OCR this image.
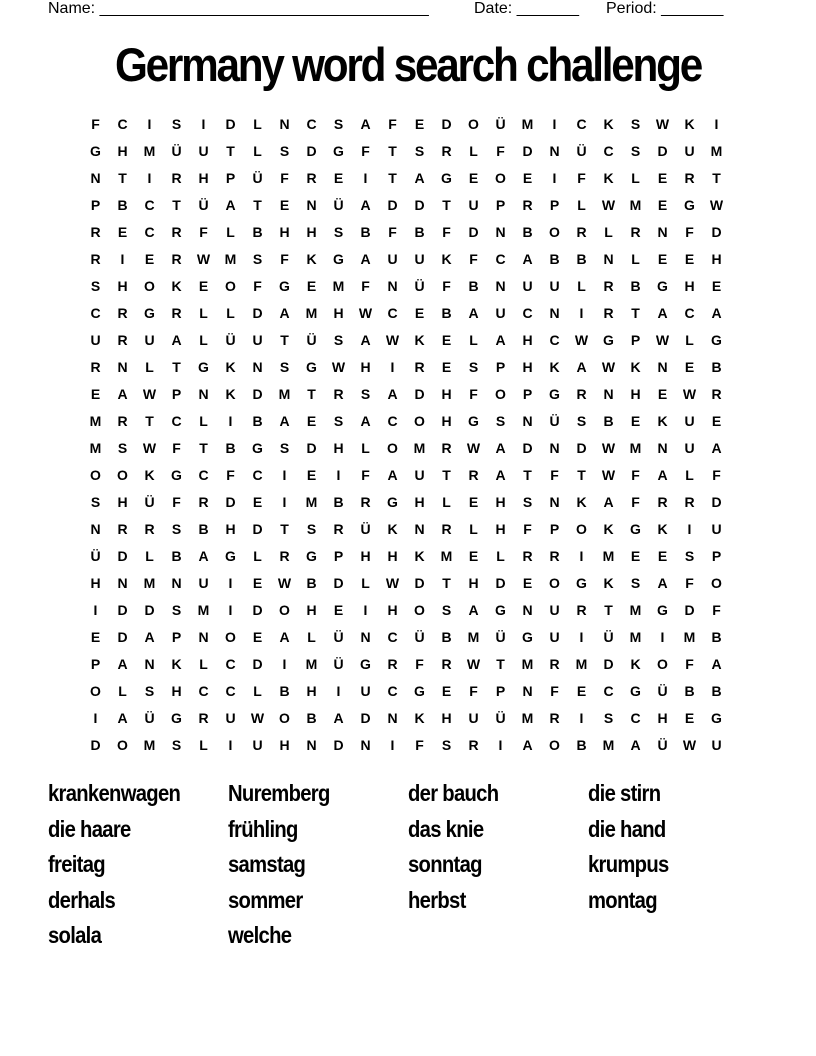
Name: _____________________________________	Date: _______ Period: _______
Germany word search challenge
F	C	I	S	I	D	L	N	C	S	A	F	E	D	O	Ü	M	I	C	K	S	W	K	I
G	H	M	Ü	U	T	L	S	D	G	F	T	S	R	L	F	D	N	Ü	C	S	D	U	M
N	T	I	R	H	P	Ü	F	R	E	I	T	A	G	E	O	E	I	F	K	L	E	R	T
P	B	C	T	Ü	A	T	E	N	Ü	A	D	D	T	U	P	R	P	L	W	M	E	G	W
R	E	C	R	F	L	B	H	H	S	B	F	B	F	D	N	B	O	R	L	R	N	F	D
R	I	E	R	W	M	S	F	K	G	A	U	U	K	F	C	A	B	B	N	L	E	E	H
S	H	O	K	E	O	F	G	E	M	F	N	Ü	F	B	N	U	U	L	R	B	G	H	E
C	R	G	R	L	L	D	A	M	H	W	C	E	B	A	U	C	N	I	R	T	A	C	A
U	R	U	A	L	Ü	U	T	Ü	S	A	W	K	E	L	A	H	C	W	G	P	W	L	G
R	N	L	T	G	K	N	S	G	W	H	I	R	E	S	P	H	K	A	W	K	N	E	B
E	A	W	P	N	K	D	M	T	R	S	A	D	H	F	O	P	G	R	N	H	E	W	R
M	R	T	C	L	I	B	A	E	S	A	C	O	H	G	S	N	Ü	S	B	E	K	U	E
M	S	W	F	T	B	G	S	D	H	L	O	M	R	W	A	D	N	D	W	M	N	U	A
O	O	K	G	C	F	C	I	E	I	F	A	U	T	R	A	T	F	T	W	F	A	L	F
S	H	Ü	F	R	D	E	I	M	B	R	G	H	L	E	H	S	N	K	A	F	R	R	D
N	R	R	S	B	H	D	T	S	R	Ü	K	N	R	L	H	F	P	O	K	G	K	I	U
Ü	D	L	B	A	G	L	R	G	P	H	H	K	M	E	L	R	R	I	M	E	E	S	P
H	N	M	N	U	I	E	W	B	D	L	W	D	T	H	D	E	O	G	K	S	A	F	O
I	D	D	S	M	I	D	O	H	E	I	H	O	S	A	G	N	U	R	T	M	G	D	F
E	D	A	P	N	O	E	A	L	Ü	N	C	Ü	B	M	Ü	G	U	I	Ü	M	I	M	B
P	A	N	K	L	C	D	I	M	Ü	G	R	F	R	W	T	M	R	M	D	K	O	F	A
O	L	S	H	C	C	L	B	H	I	U	C	G	E	F	P	N	F	E	C	G	Ü	B	B
I	A	Ü	G	R	U	W	O	B	A	D	N	K	H	U	Ü	M	R	I	S	C	H	E	G
D	O	M	S	L	I	U	H	N	D	N	I	F	S	R	I	A	O	B	M	A	Ü	W	U
krankenwagen	Nuremberg	der bauch	die stirn
die haare	frühling	das knie	die hand
freitag	samstag	sonntag	krumpus
derhals	sommer	herbst	montag
solala	welche
